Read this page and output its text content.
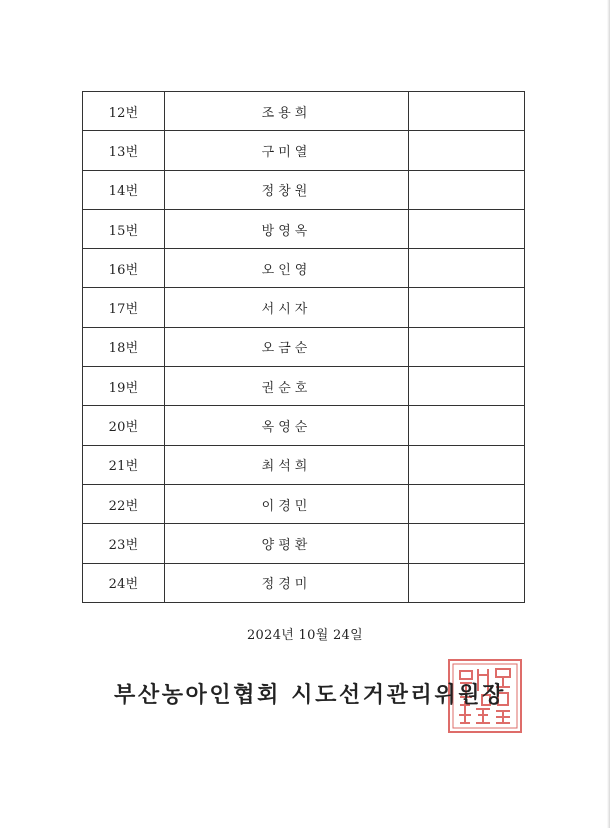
12번	조용희	
13번	구미열	
14번	정창원	
15번	방영옥	
16번	오인영	
17번	서시자	
18번	오금순	
19번	권순호	
20번	옥영순	
21번	최석희	
22번	이경민	
23번	양평환	
24번	정경미	
2024년 10월 24일
부산농아인협회 시도선거관리위원장
